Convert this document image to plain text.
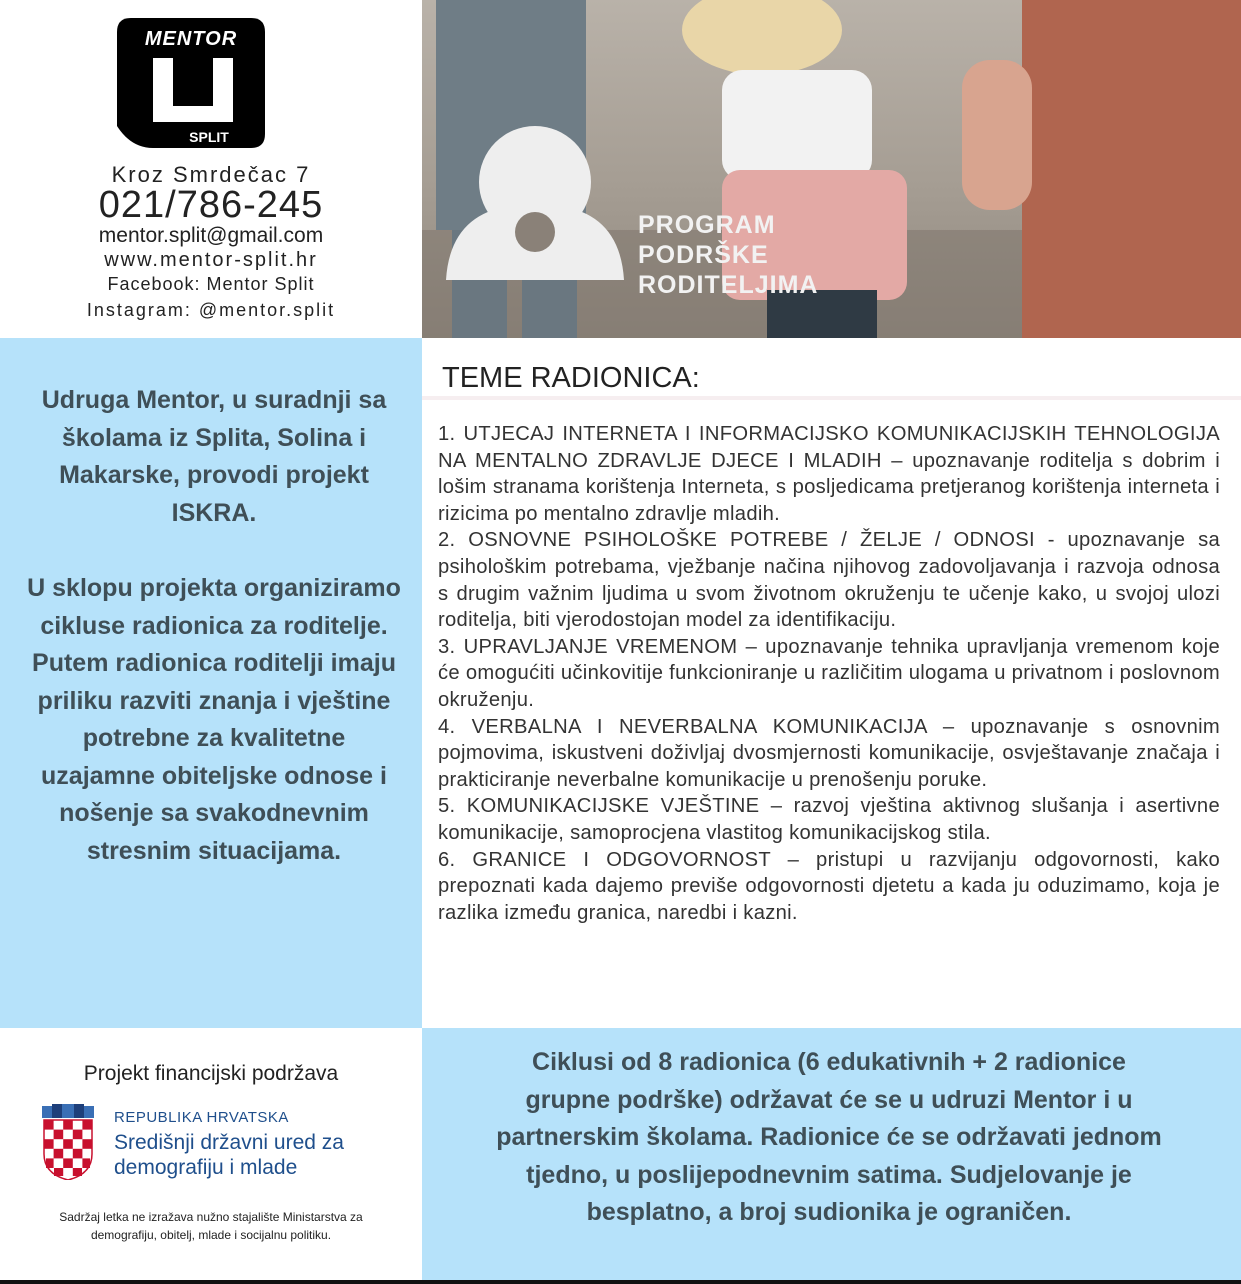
MENTOR
SPLIT
Kroz Smrdečac 7
021/786-245
mentor.split@gmail.com
www.mentor-split.hr
Facebook: Mentor Split
Instagram: @mentor.split
PROGRAM
PODRŠKE
RODITELJIMA
Udruga Mentor, u suradnji sa školama iz Splita, Solina i Makarske, provodi projekt ISKRA.
U sklopu projekta organiziramo cikluse radionica za roditelje. Putem radionica roditelji imaju priliku razviti znanja i vještine potrebne za kvalitetne uzajamne obiteljske odnose i nošenje sa svakodnevnim stresnim situacijama.
TEME RADIONICA:

1. UTJECAJ INTERNETA I INFORMACIJSKO KOMUNIKACIJSKIH TEHNOLOGIJA NA MENTALNO ZDRAVLJE DJECE I MLADIH – upoznavanje roditelja s dobrim i lošim stranama korištenja Interneta, s posljedicama pretjeranog korištenja interneta i rizicima po mentalno zdravlje mladih.

2. OSNOVNE PSIHOLOŠKE POTREBE / ŽELJE / ODNOSI - upoznavanje sa psihološkim potrebama, vježbanje načina njihovog zadovoljavanja i razvoja odnosa s drugim važnim ljudima u svom životnom okruženju te učenje kako, u svojoj ulozi roditelja, biti vjerodostojan model za identifikaciju.

3. UPRAVLJANJE VREMENOM – upoznavanje tehnika upravljanja vremenom koje će omogućiti učinkovitije funkcioniranje u različitim ulogama u privatnom i poslovnom okruženju.

4. VERBALNA I NEVERBALNA KOMUNIKACIJA – upoznavanje s osnovnim pojmovima, iskustveni doživljaj dvosmjernosti komunikacije, osvještavanje značaja i prakticiranje neverbalne komunikacije u prenošenju poruke.

5. KOMUNIKACIJSKE VJEŠTINE – razvoj vještina aktivnog slušanja i asertivne komunikacije, samoprocjena vlastitog komunikacijskog stila.

6. GRANICE I ODGOVORNOST – pristupi u razvijanju odgovornosti, kako prepoznati kada dajemo previše odgovornosti djetetu a kada ju oduzimamo, koja je razlika između granica, naredbi i kazni.

Projekt financijski podržava
REPUBLIKA HRVATSKA
Središnji državni ured za
demografiju i mlade
Sadržaj letka ne izražava nužno stajalište Ministarstva za demografiju, obitelj, mlade i socijalnu politiku.
Ciklusi od 8 radionica (6 edukativnih + 2 radionice grupne podrške) održavat će se u udruzi Mentor i u partnerskim školama. Radionice će se održavati jednom tjedno, u poslijepodnevnim satima. Sudjelovanje je besplatno, a broj sudionika je ograničen.
